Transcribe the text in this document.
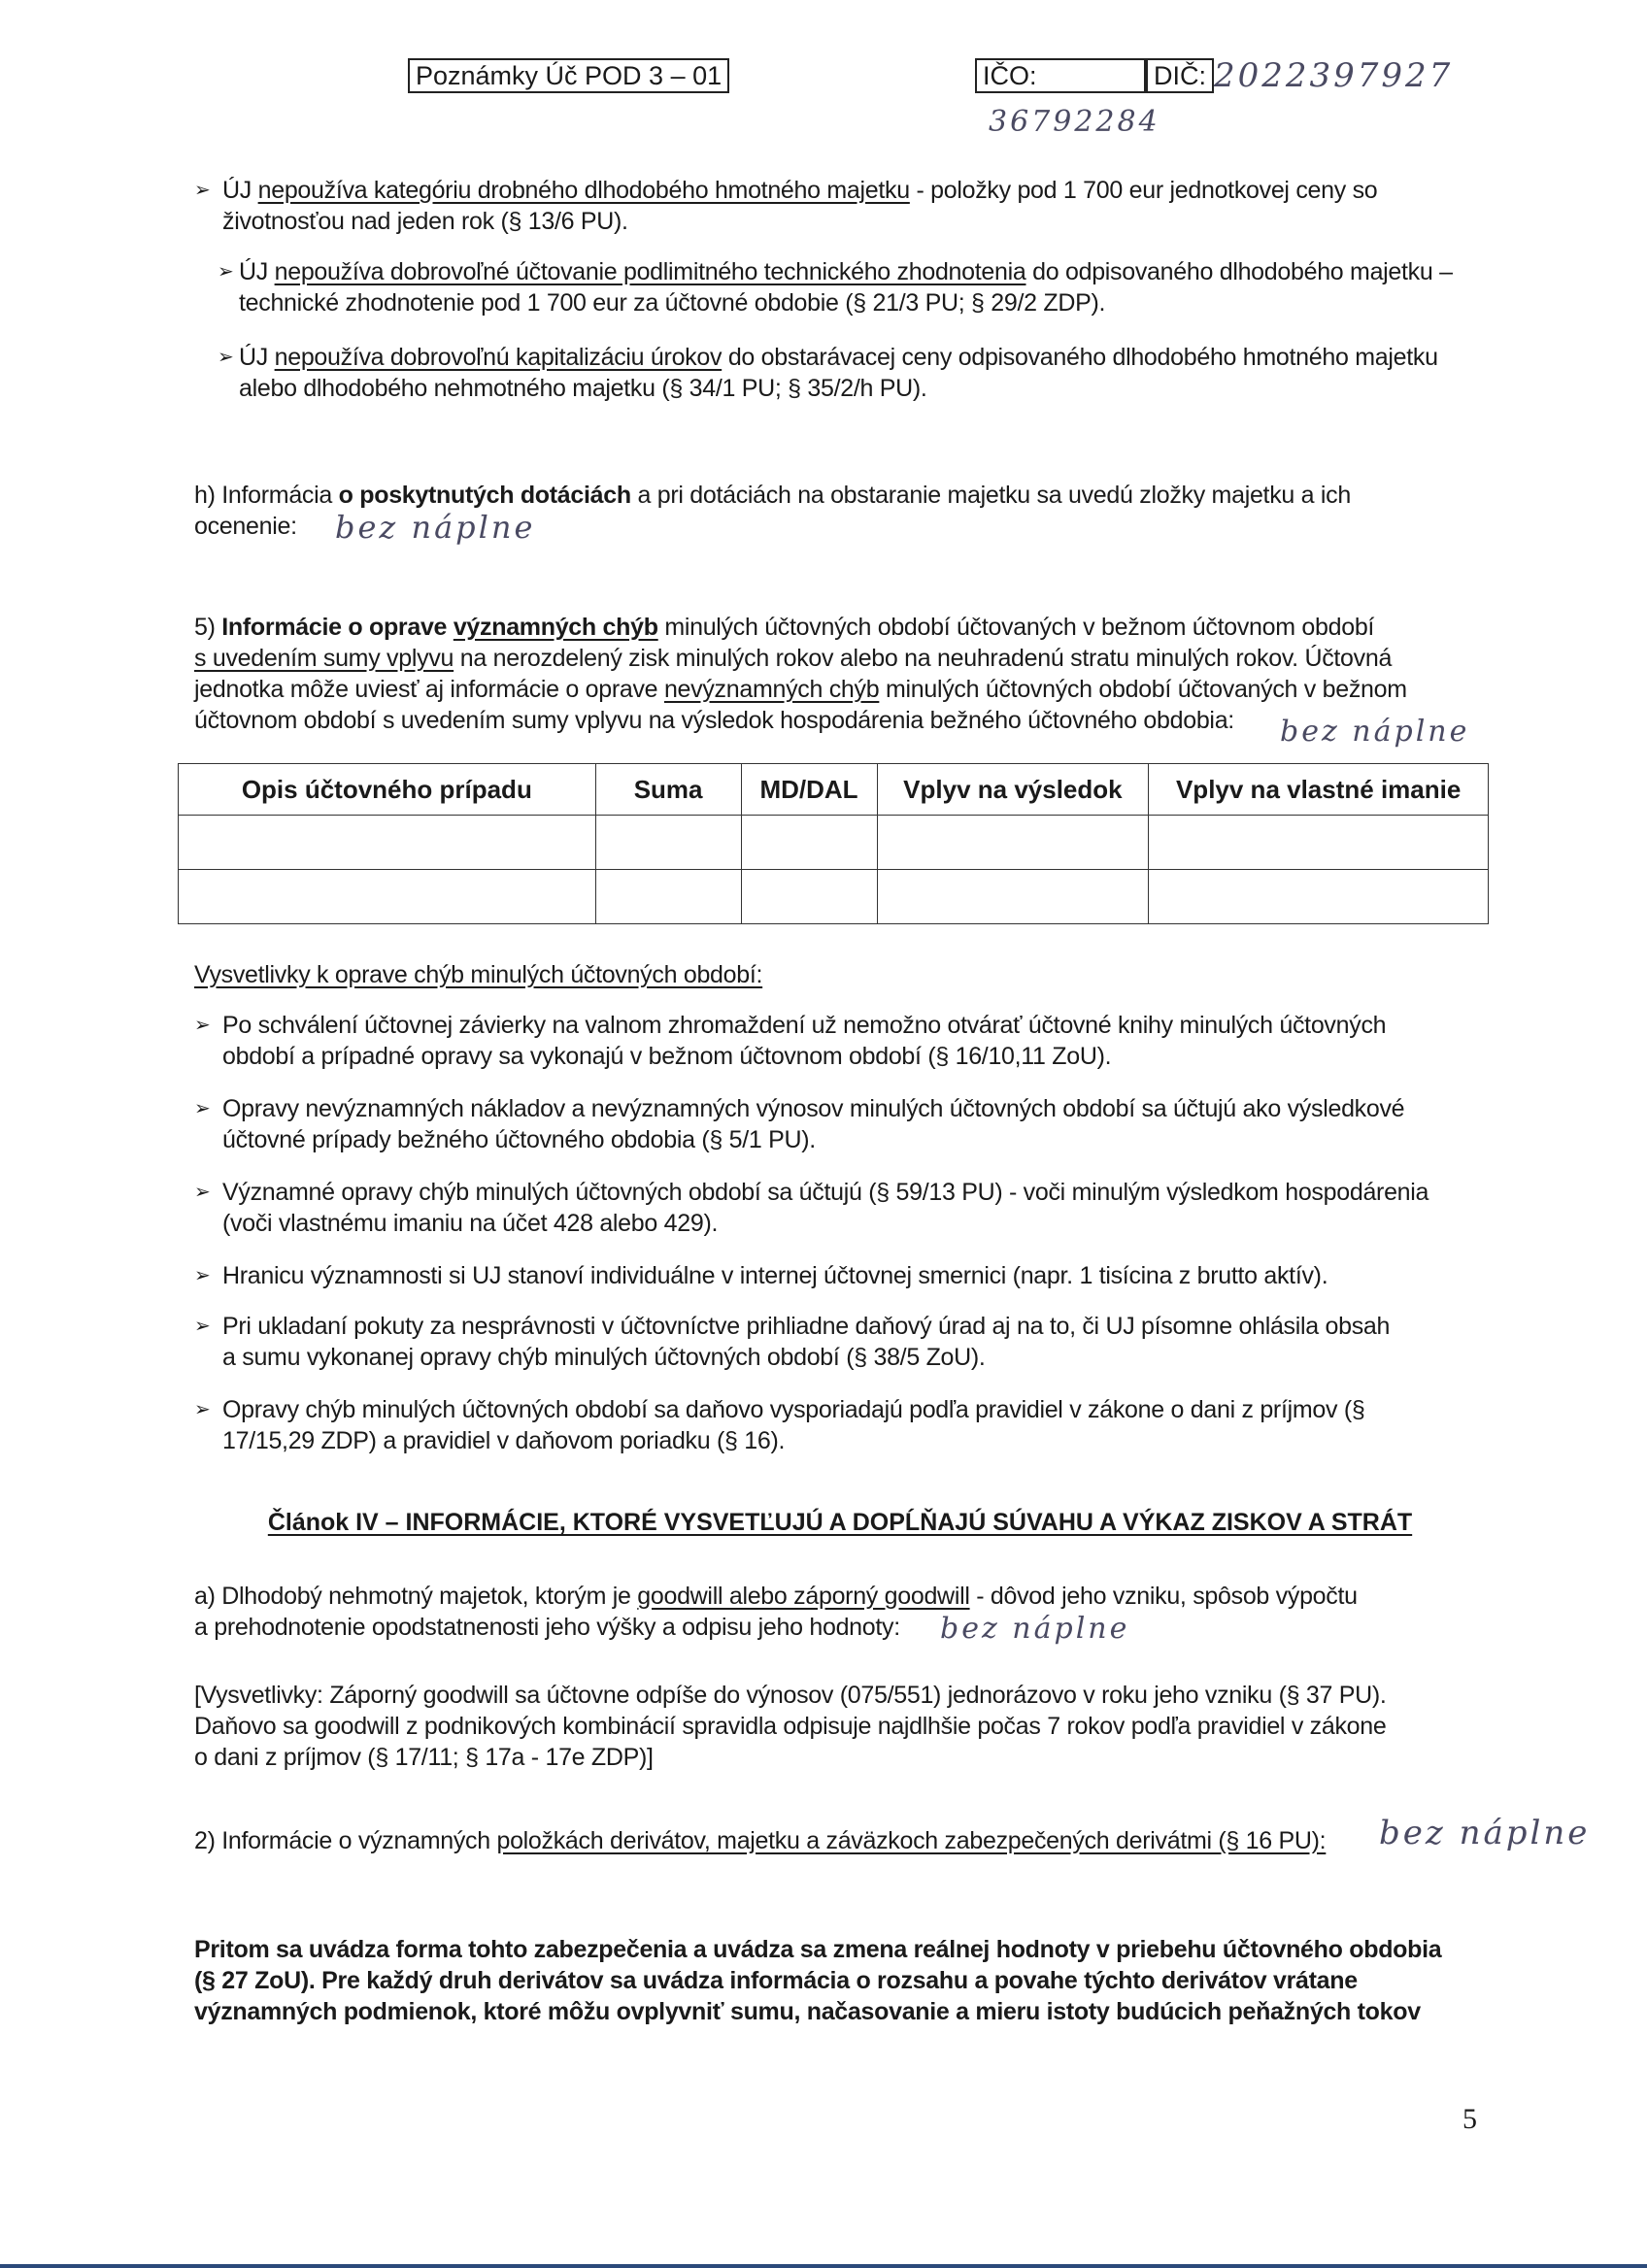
Poznámky Úč POD 3 – 01	IČO:	DIČ: 2022397927
36792284
➢ ÚJ nepoužíva kategóriu drobného dlhodobého hmotného majetku - položky pod 1 700 eur jednotkovej ceny so
životnosťou nad jeden rok (§ 13/6 PU).
➢ ÚJ nepoužíva dobrovoľné účtovanie podlimitného technického zhodnotenia do odpisovaného dlhodobého majetku –
technické zhodnotenie pod 1 700 eur za účtovné obdobie (§ 21/3 PU; § 29/2 ZDP).
➢ ÚJ nepoužíva dobrovoľnú kapitalizáciu úrokov do obstarávacej ceny odpisovaného dlhodobého hmotného majetku
alebo dlhodobého nehmotného majetku (§ 34/1 PU; § 35/2/h PU).
h) Informácia o poskytnutých dotáciách a pri dotáciách na obstaranie majetku sa uvedú zložky majetku a ich
ocenenie:	bez náplne
5) Informácie o oprave významných chýb minulých účtovných období účtovaných v bežnom účtovnom období
s uvedením sumy vplyvu na nerozdelený zisk minulých rokov alebo na neuhradenú stratu minulých rokov. Účtovná
jednotka môže uviesť aj informácie o oprave nevýznamných chýb minulých účtovných období účtovaných v bežnom
účtovnom období s uvedením sumy vplyvu na výsledok hospodárenia bežného účtovného obdobia:	bez náplne
Opis účtovného prípadu	Suma	MD/DAL	Vplyv na výsledok	Vplyv na vlastné imanie

Vysvetlivky k oprave chýb minulých účtovných období:
➢ Po schválení účtovnej závierky na valnom zhromaždení už nemožno otvárať účtovné knihy minulých účtovných
období a prípadné opravy sa vykonajú v bežnom účtovnom období (§ 16/10,11 ZoU).
➢ Opravy nevýznamných nákladov a nevýznamných výnosov minulých účtovných období sa účtujú ako výsledkové
účtovné prípady bežného účtovného obdobia (§ 5/1 PU).
➢ Významné opravy chýb minulých účtovných období sa účtujú (§ 59/13 PU) - voči minulým výsledkom hospodárenia
(voči vlastnému imaniu na účet 428 alebo 429).
➢ Hranicu významnosti si UJ stanoví individuálne v internej účtovnej smernici (napr. 1 tisícina z brutto aktív).
➢ Pri ukladaní pokuty za nesprávnosti v účtovníctve prihliadne daňový úrad aj na to, či UJ písomne ohlásila obsah
a sumu vykonanej opravy chýb minulých účtovných období (§ 38/5 ZoU).
➢ Opravy chýb minulých účtovných období sa daňovo vysporiadajú podľa pravidiel v zákone o dani z príjmov (§
17/15,29 ZDP) a pravidiel v daňovom poriadku (§ 16).
Článok IV – INFORMÁCIE, KTORÉ VYSVETĽUJÚ A DOPĹŇAJÚ SÚVAHU A VÝKAZ ZISKOV A STRÁT
a) Dlhodobý nehmotný majetok, ktorým je goodwill alebo záporný goodwill - dôvod jeho vzniku, spôsob výpočtu
a prehodnotenie opodstatnenosti jeho výšky a odpisu jeho hodnoty:	bez náplne
[Vysvetlivky: Záporný goodwill sa účtovne odpíše do výnosov (075/551) jednorázovo v roku jeho vzniku (§ 37 PU).
Daňovo sa goodwill z podnikových kombinácií spravidla odpisuje najdlhšie počas 7 rokov podľa pravidiel v zákone
o dani z príjmov (§ 17/11; § 17a - 17e ZDP)]
2) Informácie o významných položkách derivátov, majetku a záväzkoch zabezpečených derivátmi (§ 16 PU):	bez náplne
Pritom sa uvádza forma tohto zabezpečenia a uvádza sa zmena reálnej hodnoty v priebehu účtovného obdobia
(§ 27 ZoU). Pre každý druh derivátov sa uvádza informácia o rozsahu a povahe týchto derivátov vrátane
významných podmienok, ktoré môžu ovplyvniť sumu, načasovanie a mieru istoty budúcich peňažných tokov
5
